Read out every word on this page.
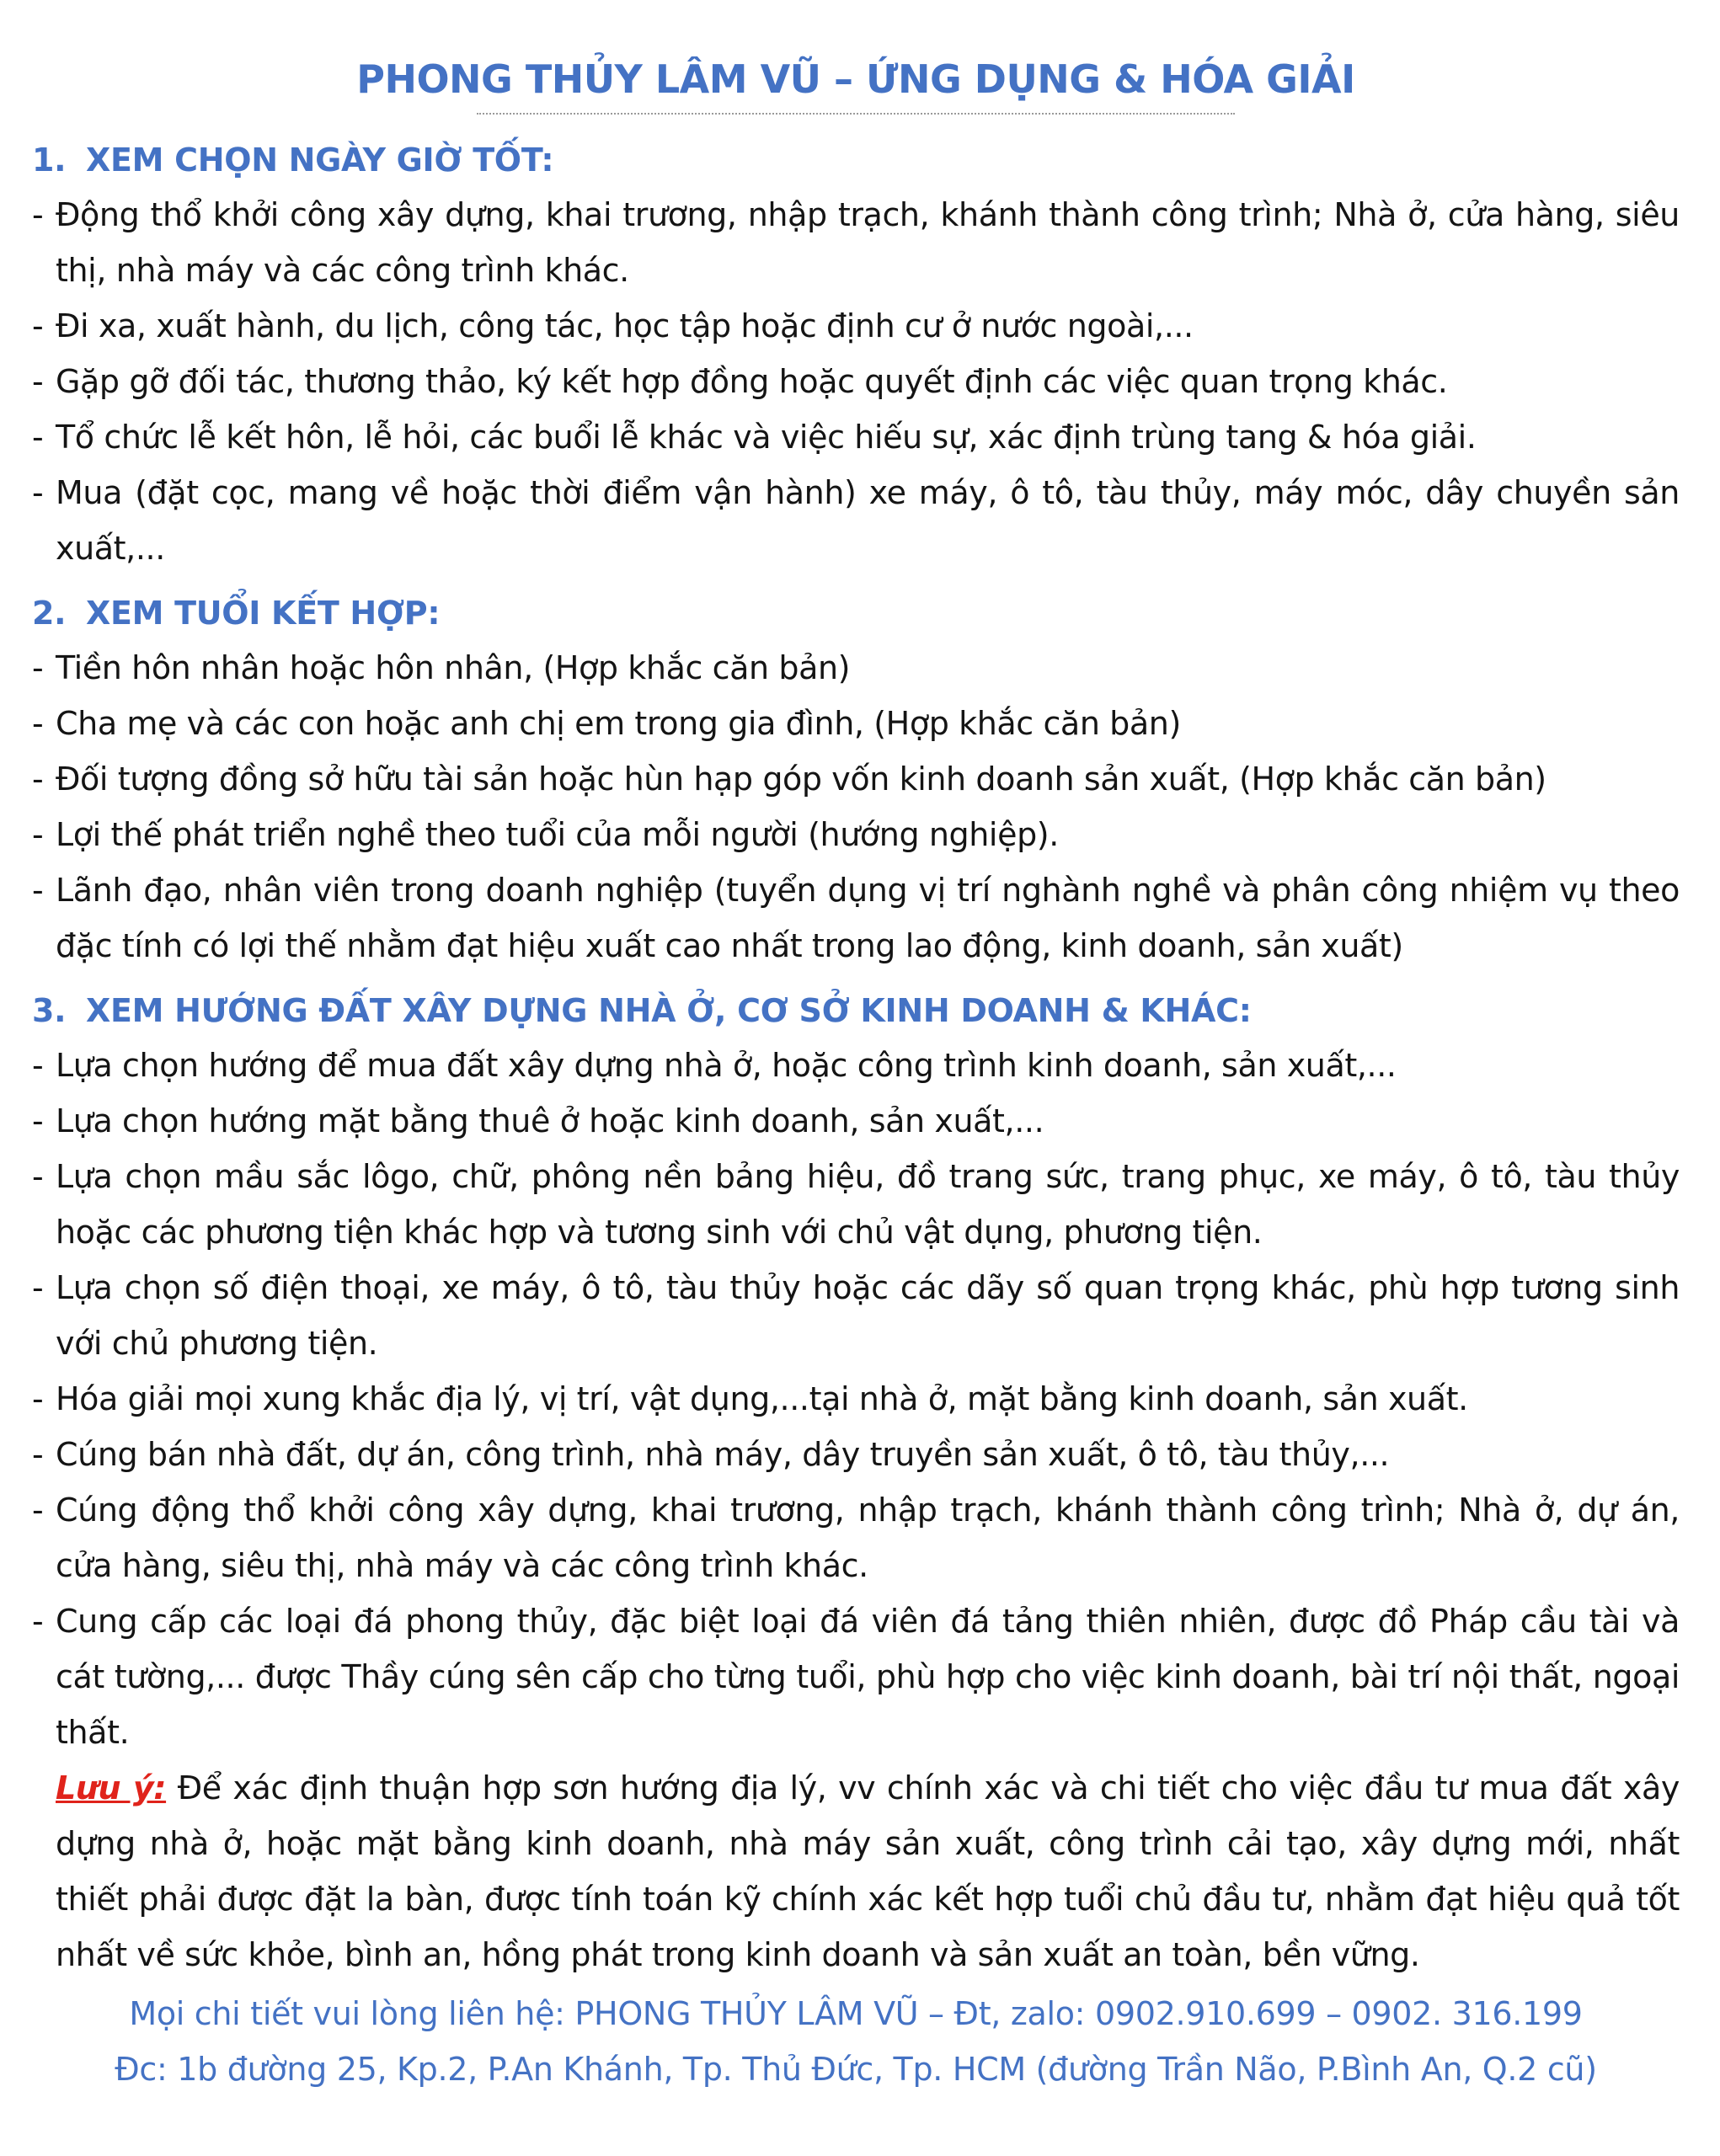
PHONG THỦY LÂM VŨ – ỨNG DỤNG & HÓA GIẢI
1. XEM CHỌN NGÀY GIỜ TỐT:
- Động thổ khởi công xây dựng, khai trương, nhập trạch, khánh thành công trình; Nhà ở, cửa hàng, siêu thị, nhà máy và các công trình khác.
- Đi xa, xuất hành, du lịch, công tác, học tập hoặc định cư ở nước ngoài,...
- Gặp gỡ đối tác, thương thảo, ký kết hợp đồng hoặc quyết định các việc quan trọng khác.
- Tổ chức lễ kết hôn, lễ hỏi, các buổi lễ khác và việc hiếu sự, xác định trùng tang & hóa giải.
- Mua (đặt cọc, mang về hoặc thời điểm vận hành) xe máy, ô tô, tàu thủy, máy móc, dây chuyền sản xuất,...
2. XEM TUỔI KẾT HỢP:
- Tiền hôn nhân hoặc hôn nhân, (Hợp khắc căn bản)
- Cha mẹ và các con hoặc anh chị em trong gia đình, (Hợp khắc căn bản)
- Đối tượng đồng sở hữu tài sản hoặc hùn hạp góp vốn kinh doanh sản xuất, (Hợp khắc căn bản)
- Lợi thế phát triển nghề theo tuổi của mỗi người (hướng nghiệp).
- Lãnh đạo, nhân viên trong doanh nghiệp (tuyển dụng vị trí nghành nghề và phân công nhiệm vụ theo đặc tính có lợi thế nhằm đạt hiệu xuất cao nhất trong lao động, kinh doanh, sản xuất)
3. XEM HƯỚNG ĐẤT XÂY DỰNG NHÀ Ở, CƠ SỞ KINH DOANH & KHÁC:
- Lựa chọn hướng để mua đất xây dựng nhà ở, hoặc công trình kinh doanh, sản xuất,...
- Lựa chọn hướng mặt bằng thuê ở hoặc kinh doanh, sản xuất,...
- Lựa chọn mầu sắc lôgo, chữ, phông nền bảng hiệu, đồ trang sức, trang phục, xe máy, ô tô, tàu thủy hoặc các phương tiện khác hợp và tương sinh với chủ vật dụng, phương tiện.
- Lựa chọn số điện thoại, xe máy, ô tô, tàu thủy hoặc các dãy số quan trọng khác, phù hợp tương sinh với chủ phương tiện.
- Hóa giải mọi xung khắc địa lý, vị trí, vật dụng,...tại nhà ở, mặt bằng kinh doanh, sản xuất.
- Cúng bán nhà đất, dự án, công trình, nhà máy, dây truyền sản xuất, ô tô, tàu thủy,...
- Cúng động thổ khởi công xây dựng, khai trương, nhập trạch, khánh thành công trình; Nhà ở, dự án, cửa hàng, siêu thị, nhà máy và các công trình khác.
- Cung cấp các loại đá phong thủy, đặc biệt loại đá viên đá tảng thiên nhiên, được đồ Pháp cầu tài và cát tường,... được Thầy cúng sên cấp cho từng tuổi, phù hợp cho việc kinh doanh, bài trí nội thất, ngoại thất.

Lưu ý: Để xác định thuận hợp sơn hướng địa lý, vv chính xác và chi tiết cho việc đầu tư mua đất xây dựng nhà ở, hoặc mặt bằng kinh doanh, nhà máy sản xuất, công trình cải tạo, xây dựng mới, nhất thiết phải được đặt la bàn, được tính toán kỹ chính xác kết hợp tuổi chủ đầu tư, nhằm đạt hiệu quả tốt nhất về sức khỏe, bình an, hồng phát trong kinh doanh và sản xuất an toàn, bền vững.

Mọi chi tiết vui lòng liên hệ: PHONG THỦY LÂM VŨ – Đt, zalo: 0902.910.699 – 0902. 316.199

Đc: 1b đường 25, Kp.2, P.An Khánh, Tp. Thủ Đức, Tp. HCM (đường Trần Não, P.Bình An, Q.2 cũ)
